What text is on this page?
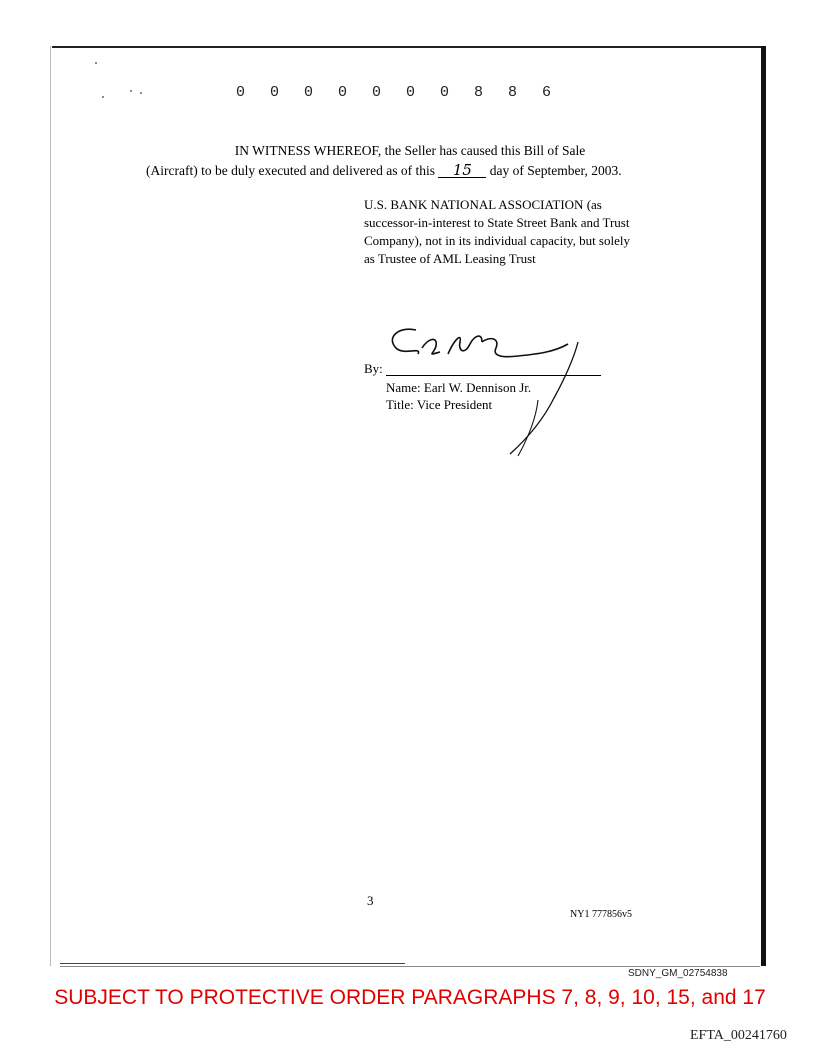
0 0 0 0 0 0 0 8 8 6
IN WITNESS WHEREOF, the Seller has caused this Bill of Sale
(Aircraft) to be duly executed and delivered as of this 15 day of September, 2003.
U.S. BANK NATIONAL ASSOCIATION (as
successor-in-interest to State Street Bank and Trust
Company), not in its individual capacity, but solely
as Trustee of AML Leasing Trust
By:
Name: Earl W. Dennison Jr.
Title: Vice President
3
NY1 777856v5
SDNY_GM_02754838
SUBJECT TO PROTECTIVE ORDER PARAGRAPHS 7, 8, 9, 10, 15, and 17
EFTA_00241760
